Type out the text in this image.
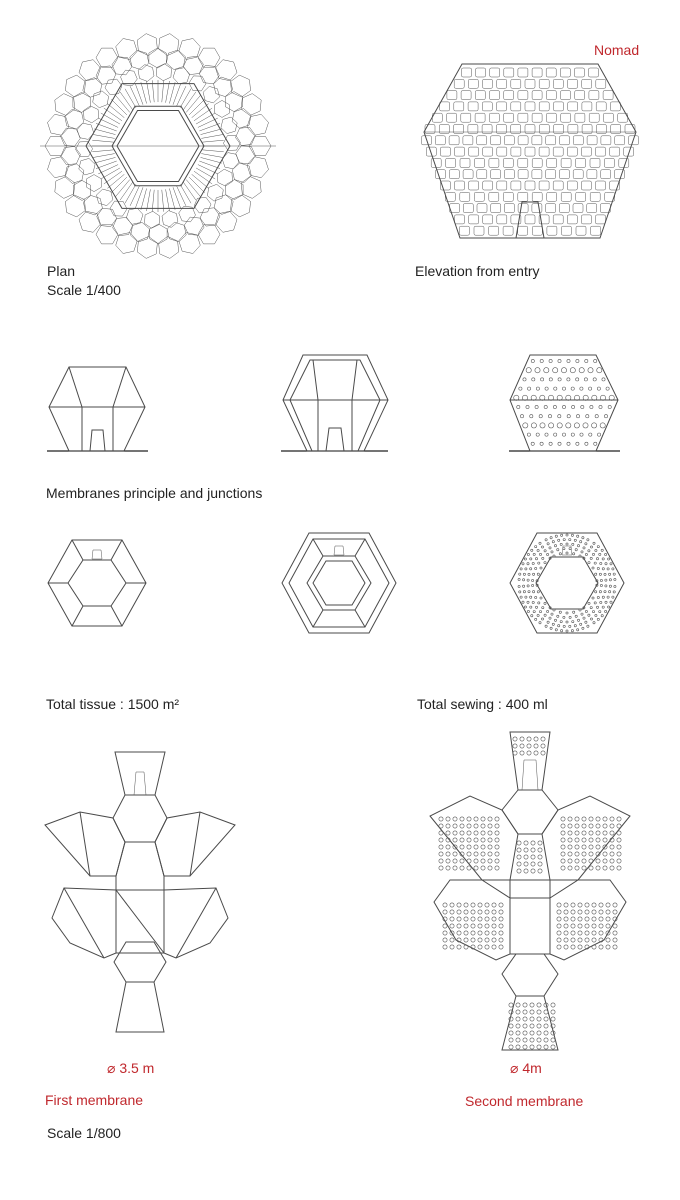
Nomad
Plan
Scale 1/400
Elevation from entry
Membranes principle and junctions
Total tissue : 1500 m²	Total sewing : 400 ml
⌀ 3.5 m	⌀ 4m
First membrane	Second membrane
Scale 1/800
